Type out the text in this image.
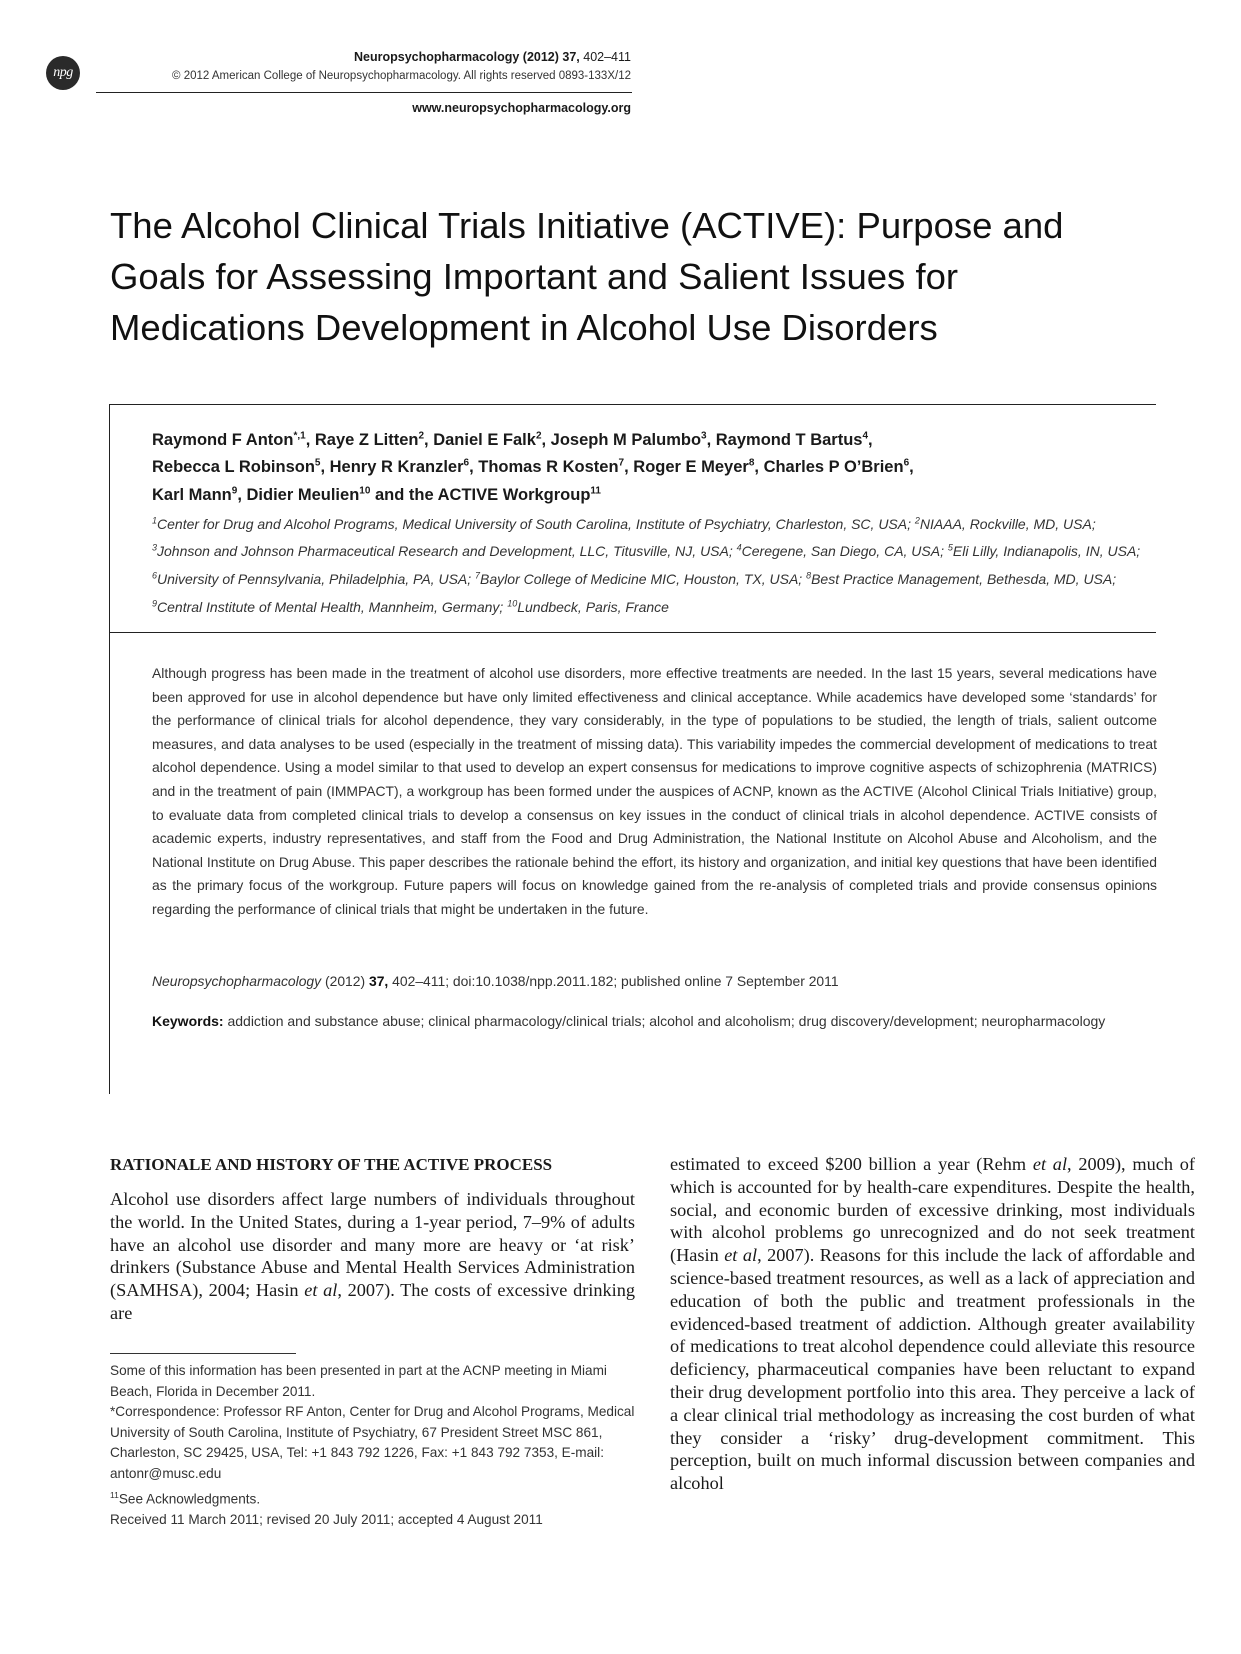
npg
Neuropsychopharmacology (2012) 37, 402–411
© 2012 American College of Neuropsychopharmacology. All rights reserved 0893-133X/12
www.neuropsychopharmacology.org
The Alcohol Clinical Trials Initiative (ACTIVE): Purpose and Goals for Assessing Important and Salient Issues for Medications Development in Alcohol Use Disorders
Raymond F Anton$^{*,1}$, Raye Z Litten$^2$, Daniel E Falk$^2$, Joseph M Palumbo$^3$, Raymond T Bartus$^4$,
Rebecca L Robinson$^5$, Henry R Kranzler$^6$, Thomas R Kosten$^7$, Roger E Meyer$^8$, Charles P O’Brien$^6$,
Karl Mann$^9$, Didier Meulien$^{10}$ and the ACTIVE Workgroup$^{11}$
$^1$Center for Drug and Alcohol Programs, Medical University of South Carolina, Institute of Psychiatry, Charleston, SC, USA; $^2$NIAAA, Rockville, MD, USA; $^3$Johnson and Johnson Pharmaceutical Research and Development, LLC, Titusville, NJ, USA; $^4$Ceregene, San Diego, CA, USA; $^5$Eli Lilly, Indianapolis, IN, USA; $^6$University of Pennsylvania, Philadelphia, PA, USA; $^7$Baylor College of Medicine MIC, Houston, TX, USA; $^8$Best Practice Management, Bethesda, MD, USA; $^9$Central Institute of Mental Health, Mannheim, Germany; $^{10}$Lundbeck, Paris, France
Although progress has been made in the treatment of alcohol use disorders, more effective treatments are needed. In the last 15 years, several medications have been approved for use in alcohol dependence but have only limited effectiveness and clinical acceptance. While academics have developed some ‘standards’ for the performance of clinical trials for alcohol dependence, they vary considerably, in the type of populations to be studied, the length of trials, salient outcome measures, and data analyses to be used (especially in the treatment of missing data). This variability impedes the commercial development of medications to treat alcohol dependence. Using a model similar to that used to develop an expert consensus for medications to improve cognitive aspects of schizophrenia (MATRICS) and in the treatment of pain (IMMPACT), a workgroup has been formed under the auspices of ACNP, known as the ACTIVE (Alcohol Clinical Trials Initiative) group, to evaluate data from completed clinical trials to develop a consensus on key issues in the conduct of clinical trials in alcohol dependence. ACTIVE consists of academic experts, industry representatives, and staff from the Food and Drug Administration, the National Institute on Alcohol Abuse and Alcoholism, and the National Institute on Drug Abuse. This paper describes the rationale behind the effort, its history and organization, and initial key questions that have been identified as the primary focus of the workgroup. Future papers will focus on knowledge gained from the re-analysis of completed trials and provide consensus opinions regarding the performance of clinical trials that might be undertaken in the future.
Neuropsychopharmacology (2012) 37, 402–411; doi:10.1038/npp.2011.182; published online 7 September 2011
Keywords: addiction and substance abuse; clinical pharmacology/clinical trials; alcohol and alcoholism; drug discovery/development; neuropharmacology
RATIONALE AND HISTORY OF THE ACTIVE PROCESS
Alcohol use disorders affect large numbers of individuals throughout the world. In the United States, during a 1-year period, 7–9% of adults have an alcohol use disorder and many more are heavy or ‘at risk’ drinkers (Substance Abuse and Mental Health Services Administration (SAMHSA), 2004; Hasin et al, 2007). The costs of excessive drinking are
estimated to exceed $200 billion a year (Rehm et al, 2009), much of which is accounted for by health-care expenditures. Despite the health, social, and economic burden of excessive drinking, most individuals with alcohol problems go unrecognized and do not seek treatment (Hasin et al, 2007). Reasons for this include the lack of affordable and science-based treatment resources, as well as a lack of appreciation and education of both the public and treatment professionals in the evidenced-based treatment of addiction. Although greater availability of medications to treat alcohol dependence could alleviate this resource deficiency, pharmaceutical companies have been reluctant to expand their drug development portfolio into this area. They perceive a lack of a clear clinical trial methodology as increasing the cost burden of what they consider a ‘risky’ drug-development commitment. This perception, built on much informal discussion between companies and alcohol

Some of this information has been presented in part at the ACNP meeting in Miami Beach, Florida in December 2011.

*Correspondence: Professor RF Anton, Center for Drug and Alcohol Programs, Medical University of South Carolina, Institute of Psychiatry, 67 President Street MSC 861, Charleston, SC 29425, USA, Tel: +1 843 792 1226, Fax: +1 843 792 7353, E-mail: antonr@musc.edu

$^{11}$See Acknowledgments.

Received 11 March 2011; revised 20 July 2011; accepted 4 August 2011
